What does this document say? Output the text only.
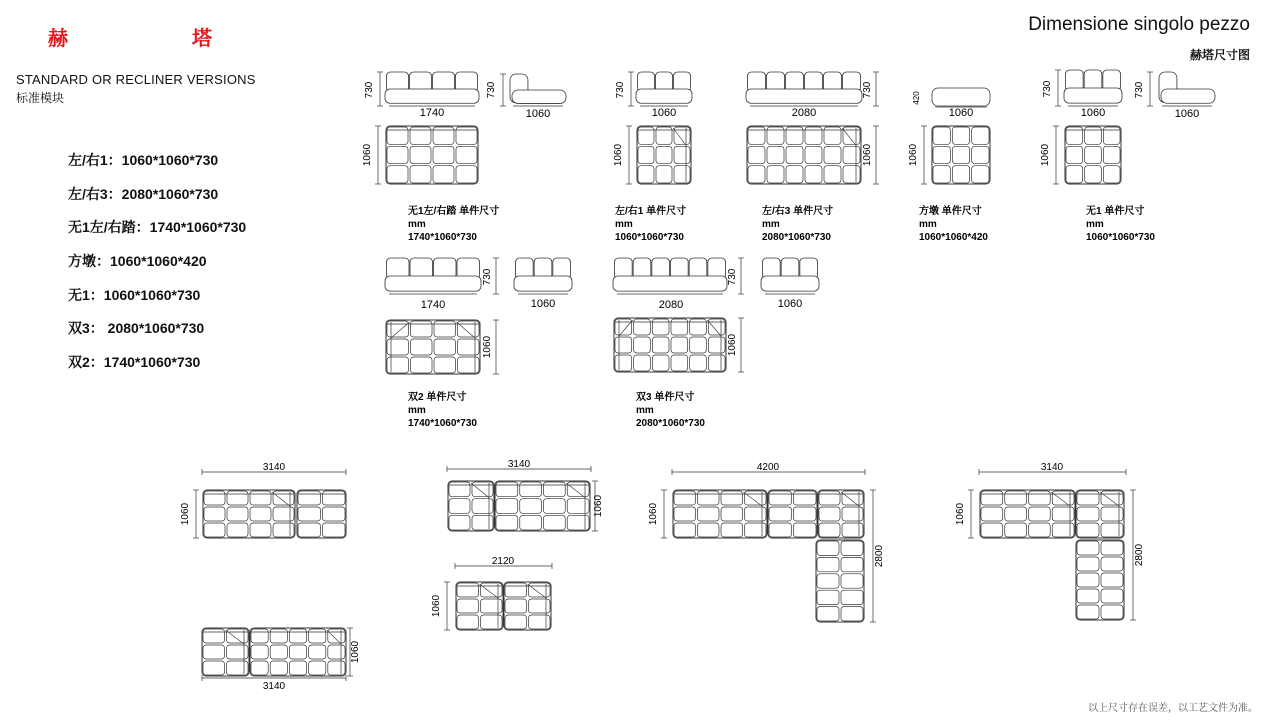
赫　塔
STANDARD OR RECLINER VERSIONS
标准模块
左/右1：1060*1060*730
左/右3：2080*1060*730
无1左/右踏：1740*1060*730
方墩：1060*1060*420
无1：1060*1060*730
双3： 2080*1060*730
双2：1740*1060*730
Dimensione singolo pezzo
赫塔尺寸图
730
1740
730
1060
1060
无1左/右踏 单件尺寸
mm
1740*1060*730
730
1060
1060
左/右1 单件尺寸
mm
1060*1060*730
730
2080
1060
左/右3 单件尺寸
mm
2080*1060*730
420
1060
1060
方墩 单件尺寸
mm
1060*1060*420
730
1060
730
1060
1060
无1 单件尺寸
mm
1060*1060*730
730
1740	1060
1060
双2 单件尺寸
mm
1740*1060*730
730
2080	1060
1060
双3 单件尺寸
mm
2080*1060*730
3140
1060
3140
1060
2120
1060
4200
1060
2800
3140
1060
2800
3140
1060
以上尺寸存在误差，以工艺文件为准。
